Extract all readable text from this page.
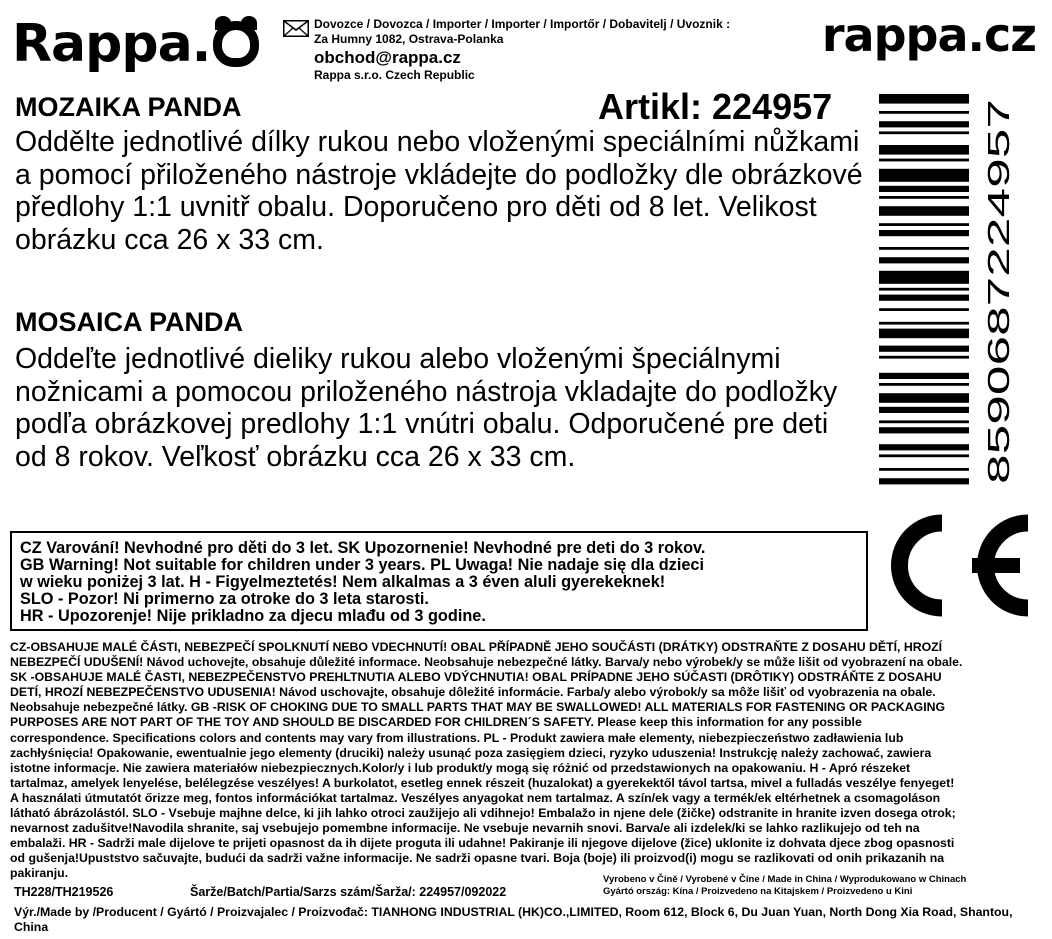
Rappa.	Dovozce / Dovozca / Importer / Importer / Importőr / Dobavitelj / Uvoznik :
Za Humny 1082, Ostrava-Polanka
obchod@rappa.cz
Rappa s.r.o. Czech Republic
rappa.cz
MOZAIKA PANDA	Artikl: 224957

Oddělte jednotlivé dílky rukou nebo vloženými speciálními nůžkami a pomocí přiloženého nástroje vkládejte do podložky dle obrázkové předlohy 1:1 uvnitř obalu. Doporučeno pro děti od 8 let. Velikost obrázku cca 26 x 33 cm.

MOSAICA PANDA

Oddeľte jednotlivé dieliky rukou alebo vloženými špeciálnymi nožnicami a pomocou priloženého nástroja vkladajte do podložky podľa obrázkovej predlohy 1:1 vnútri obalu. Odporučené pre deti od 8 rokov. Veľkosť obrázku cca 26 x 33 cm.	8590687224957
CZ Varování! Nevhodné pro děti do 3 let. SK Upozornenie! Nevhodné pre deti do 3 rokov.
GB Warning! Not suitable for children under 3 years. PL Uwaga! Nie nadaje się dla dzieci
w wieku poniżej 3 lat. H - Figyelmeztetés! Nem alkalmas a 3 éven aluli gyerekeknek!
SLO - Pozor! Ni primerno za otroke do 3 leta starosti.
HR - Upozorenje! Nije prikladno za djecu mlađu od 3 godine.
CZ-OBSAHUJE MALÉ ČÁSTI, NEBEZPEČÍ SPOLKNUTÍ NEBO VDECHNUTÍ! OBAL PŘÍPADNĚ JEHO SOUČÁSTI (DRÁTKY) ODSTRAŇTE Z DOSAHU DĚTÍ, HROZÍ
NEBEZPEČÍ UDUŠENÍ! Návod uchovejte, obsahuje důležité informace. Neobsahuje nebezpečné látky. Barva/y nebo výrobek/y se může lišit od vyobrazení na obale.
SK -OBSAHUJE MALÉ ČASTI, NEBEZPEČENSTVO PREHLTNUTIA ALEBO VDÝCHNUTIA! OBAL PRÍPADNE JEHO SÚČASTI (DRÔTIKY) ODSTRÁŇTE Z DOSAHU
DETÍ, HROZÍ NEBEZPEČENSTVO UDUSENIA! Návod uschovajte, obsahuje dôležité informácie. Farba/y alebo výrobok/y sa môže lišiť od vyobrazenia na obale.
Neobsahuje nebezpečné látky. GB -RISK OF CHOKING DUE TO SMALL PARTS THAT MAY BE SWALLOWED! ALL MATERIALS FOR FASTENING OR PACKAGING
PURPOSES ARE NOT PART OF THE TOY AND SHOULD BE DISCARDED FOR CHILDREN´S SAFETY. Please keep this information for any possible
correspondence. Specifications colors and contents may vary from illustrations. PL - Produkt zawiera małe elementy, niebezpieczeństwo zadławienia lub
zachłyśnięcia! Opakowanie, ewentualnie jego elementy (druciki) należy usunąć poza zasięgiem dzieci, ryzyko uduszenia! Instrukcję należy zachować, zawiera
istotne informacje. Nie zawiera materiałów niebezpiecznych.Kolor/y i lub produkt/y mogą się różnić od przedstawionych na opakowaniu. H - Apró részeket
tartalmaz, amelyek lenyelése, belélegzése veszélyes! A burkolatot, esetleg ennek részeit (huzalokat) a gyerekektől távol tartsa, mivel a fulladás veszélye fenyeget!
A használati útmutatót őrizze meg, fontos információkat tartalmaz. Veszélyes anyagokat nem tartalmaz. A szín/ek vagy a termék/ek eltérhetnek a csomagoláson
látható ábrázolástól. SLO - Vsebuje majhne delce, ki jih lahko otroci zaužijejo ali vdihnejo! Embalažo in njene dele (žičke) odstranite in hranite izven dosega otrok;
nevarnost zadušitve!Navodila shranite, saj vsebujejo pomembne informacije. Ne vsebuje nevarnih snovi. Barva/e ali izdelek/ki se lahko razlikujejo od teh na
embalaži. HR - Sadrži male dijelove te prijeti opasnost da ih dijete proguta ili udahne! Pakiranje ili njegove dijelove (žice) uklonite iz dohvata djece zbog opasnosti
od gušenja!Upuststvo sačuvajte, budući da sadrži važne informacije. Ne sadrži opasne tvari. Boja (boje) ili proizvod(i) mogu se razlikovati od onih prikazanih na
pakiranju.
TH228/TH219526	Šarže/Batch/Partia/Sarzs szám/Šarža/: 224957/092022
Vyrobeno v Číně / Vyrobené v Číne / Made in China / Wyprodukowano w Chinach
Gyártó ország: Kína / Proizvedeno na Kitajskem / Proizvedeno u Kini
Výr./Made by /Producent / Gyártó / Proizvajalec / Proizvođač: TIANHONG INDUSTRIAL (HK)CO.,LIMITED, Room 612, Block 6, Du Juan Yuan, North Dong Xia Road, Shantou, China
